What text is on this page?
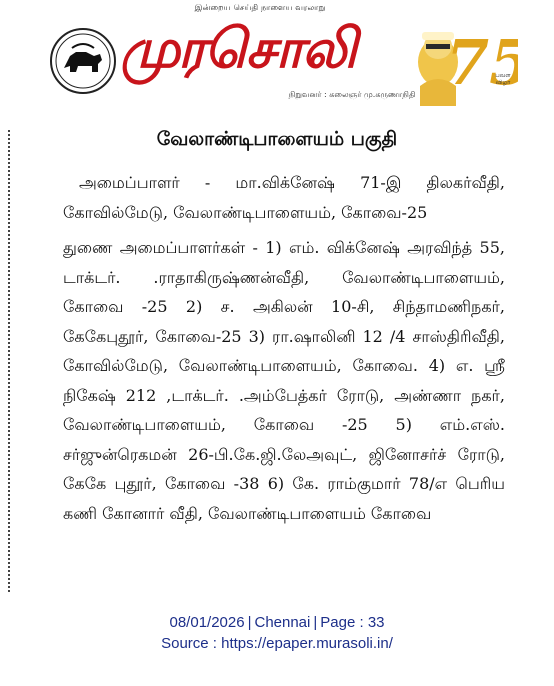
இன்றைய செய்தி நாளைய வரலாறு
முரசொலி
நிறுவனர் : கலைஞர் மு.கருணாநிதி 7	பவள விழா
வேலாண்டிபாளையம் பகுதி

அமைப்பாளர் - மா.விக்னேஷ் 71-இ திலகர்வீதி, கோவில்மேடு, வேலாண்டிபாளையம், கோவை-25

துணை அமைப்பாளர்கள் - 1) எம். விக்னேஷ் அரவிந்த் 55, டாக்டர். .ராதாகிருஷ்ணன்வீதி, வேலாண்டிபாளையம், கோவை -25 2) ச. அகிலன் 10-சி, சிந்தாமணிநகர், கேகேபுதூர், கோவை-25 3) ரா.ஷாலினி 12 /4 சாஸ்திரிவீதி, கோவில்மேடு, வேலாண்டிபாளையம், கோவை. 4) எ. ஸ்ரீ நிகேஷ் 212 ,டாக்டர். .அம்பேத்கர் ரோடு, அண்ணா நகர், வேலாண்டிபாளையம், கோவை -25 5) எம்.எஸ். சர்ஜுன்ரெகமன் 26-பி.கே.ஜி.லேஅவுட், ஜினோசர்ச் ரோடு, கேகே புதூர், கோவை -38 6) கே. ராம்குமார் 78/எ பெரிய கணி கோனார் வீதி, வேலாண்டிபாளையம் கோவை

08/01/2026 | Chennai | Page : 33
Source : https://epaper.murasoli.in/
